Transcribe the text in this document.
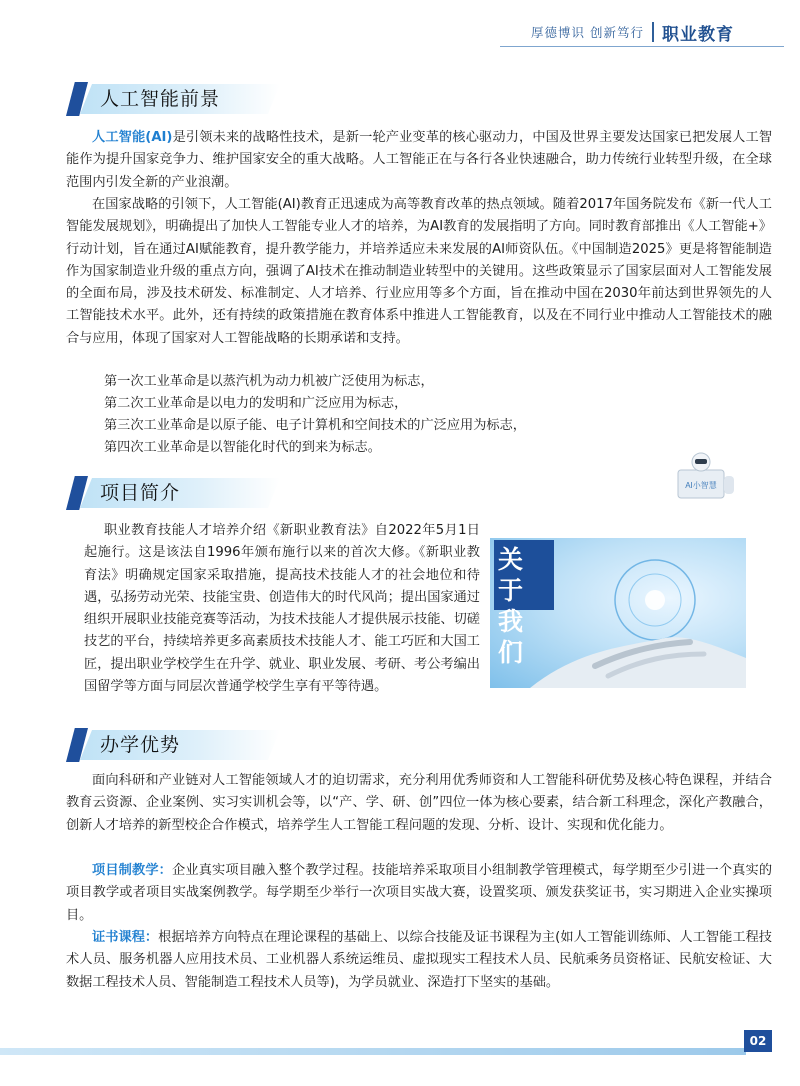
厚德博识 创新笃行 职业教育
人工智能前景

人工智能(AI)是引领未来的战略性技术，是新一轮产业变革的核心驱动力，中国及世界主要发达国家已把发展人工智能作为提升国家竞争力、维护国家安全的重大战略。人工智能正在与各行各业快速融合，助力传统行业转型升级，在全球范围内引发全新的产业浪潮。

在国家战略的引领下，人工智能(AI)教育正迅速成为高等教育改革的热点领域。随着2017年国务院发布《新一代人工智能发展规划》，明确提出了加快人工智能专业人才的培养，为AI教育的发展指明了方向。同时教育部推出《人工智能+》行动计划，旨在通过AI赋能教育，提升教学能力，并培养适应未来发展的AI师资队伍。《中国制造2025》更是将智能制造作为国家制造业升级的重点方向，强调了AI技术在推动制造业转型中的关键用。这些政策显示了国家层面对人工智能发展的全面布局，涉及技术研发、标准制定、人才培养、行业应用等多个方面，旨在推动中国在2030年前达到世界领先的人工智能技术水平。此外，还有持续的政策措施在教育体系中推进人工智能教育，以及在不同行业中推动人工智能技术的融合与应用，体现了国家对人工智能战略的长期承诺和支持。

第一次工业革命是以蒸汽机为动力机被广泛使用为标志，
第二次工业革命是以电力的发明和广泛应用为标志，
第三次工业革命是以原子能、电子计算机和空间技术的广泛应用为标志，
第四次工业革命是以智能化时代的到来为标志。
项目简介	AI小智慧

职业教育技能人才培养介绍《新职业教育法》自2022年5月1日起施行。这是该法自1996年颁布施行以来的首次大修。《新职业教育法》明确规定国家采取措施，提高技术技能人才的社会地位和待遇，弘扬劳动光荣、技能宝贵、创造伟大的时代风尚；提出国家通过组织开展职业技能竞赛等活动，为技术技能人才提供展示技能、切磋技艺的平台，持续培养更多高素质技术技能人才、能工巧匠和大国工匠，提出职业学校学生在升学、就业、职业发展、考研、考公考编出国留学等方面与同层次普通学校学生享有平等待遇。

关于我们
办学优势

面向科研和产业链对人工智能领域人才的迫切需求，充分利用优秀师资和人工智能科研优势及核心特色课程，并结合教育云资源、企业案例、实习实训机会等，以“产、学、研、创”四位一体为核心要素，结合新工科理念，深化产教融合，创新人才培养的新型校企合作模式，培养学生人工智能工程问题的发现、分析、设计、实现和优化能力。

项目制教学：企业真实项目融入整个教学过程。技能培养采取项目小组制教学管理模式，每学期至少引进一个真实的项目教学或者项目实战案例教学。每学期至少举行一次项目实战大赛，设置奖项、颁发获奖证书，实习期进入企业实操项目。

证书课程：根据培养方向特点在理论课程的基础上、以综合技能及证书课程为主(如人工智能训练师、人工智能工程技术人员、服务机器人应用技术员、工业机器人系统运维员、虚拟现实工程技术人员、民航乘务员资格证、民航安检证、大数据工程技术人员、智能制造工程技术人员等)，为学员就业、深造打下坚实的基础。

02
